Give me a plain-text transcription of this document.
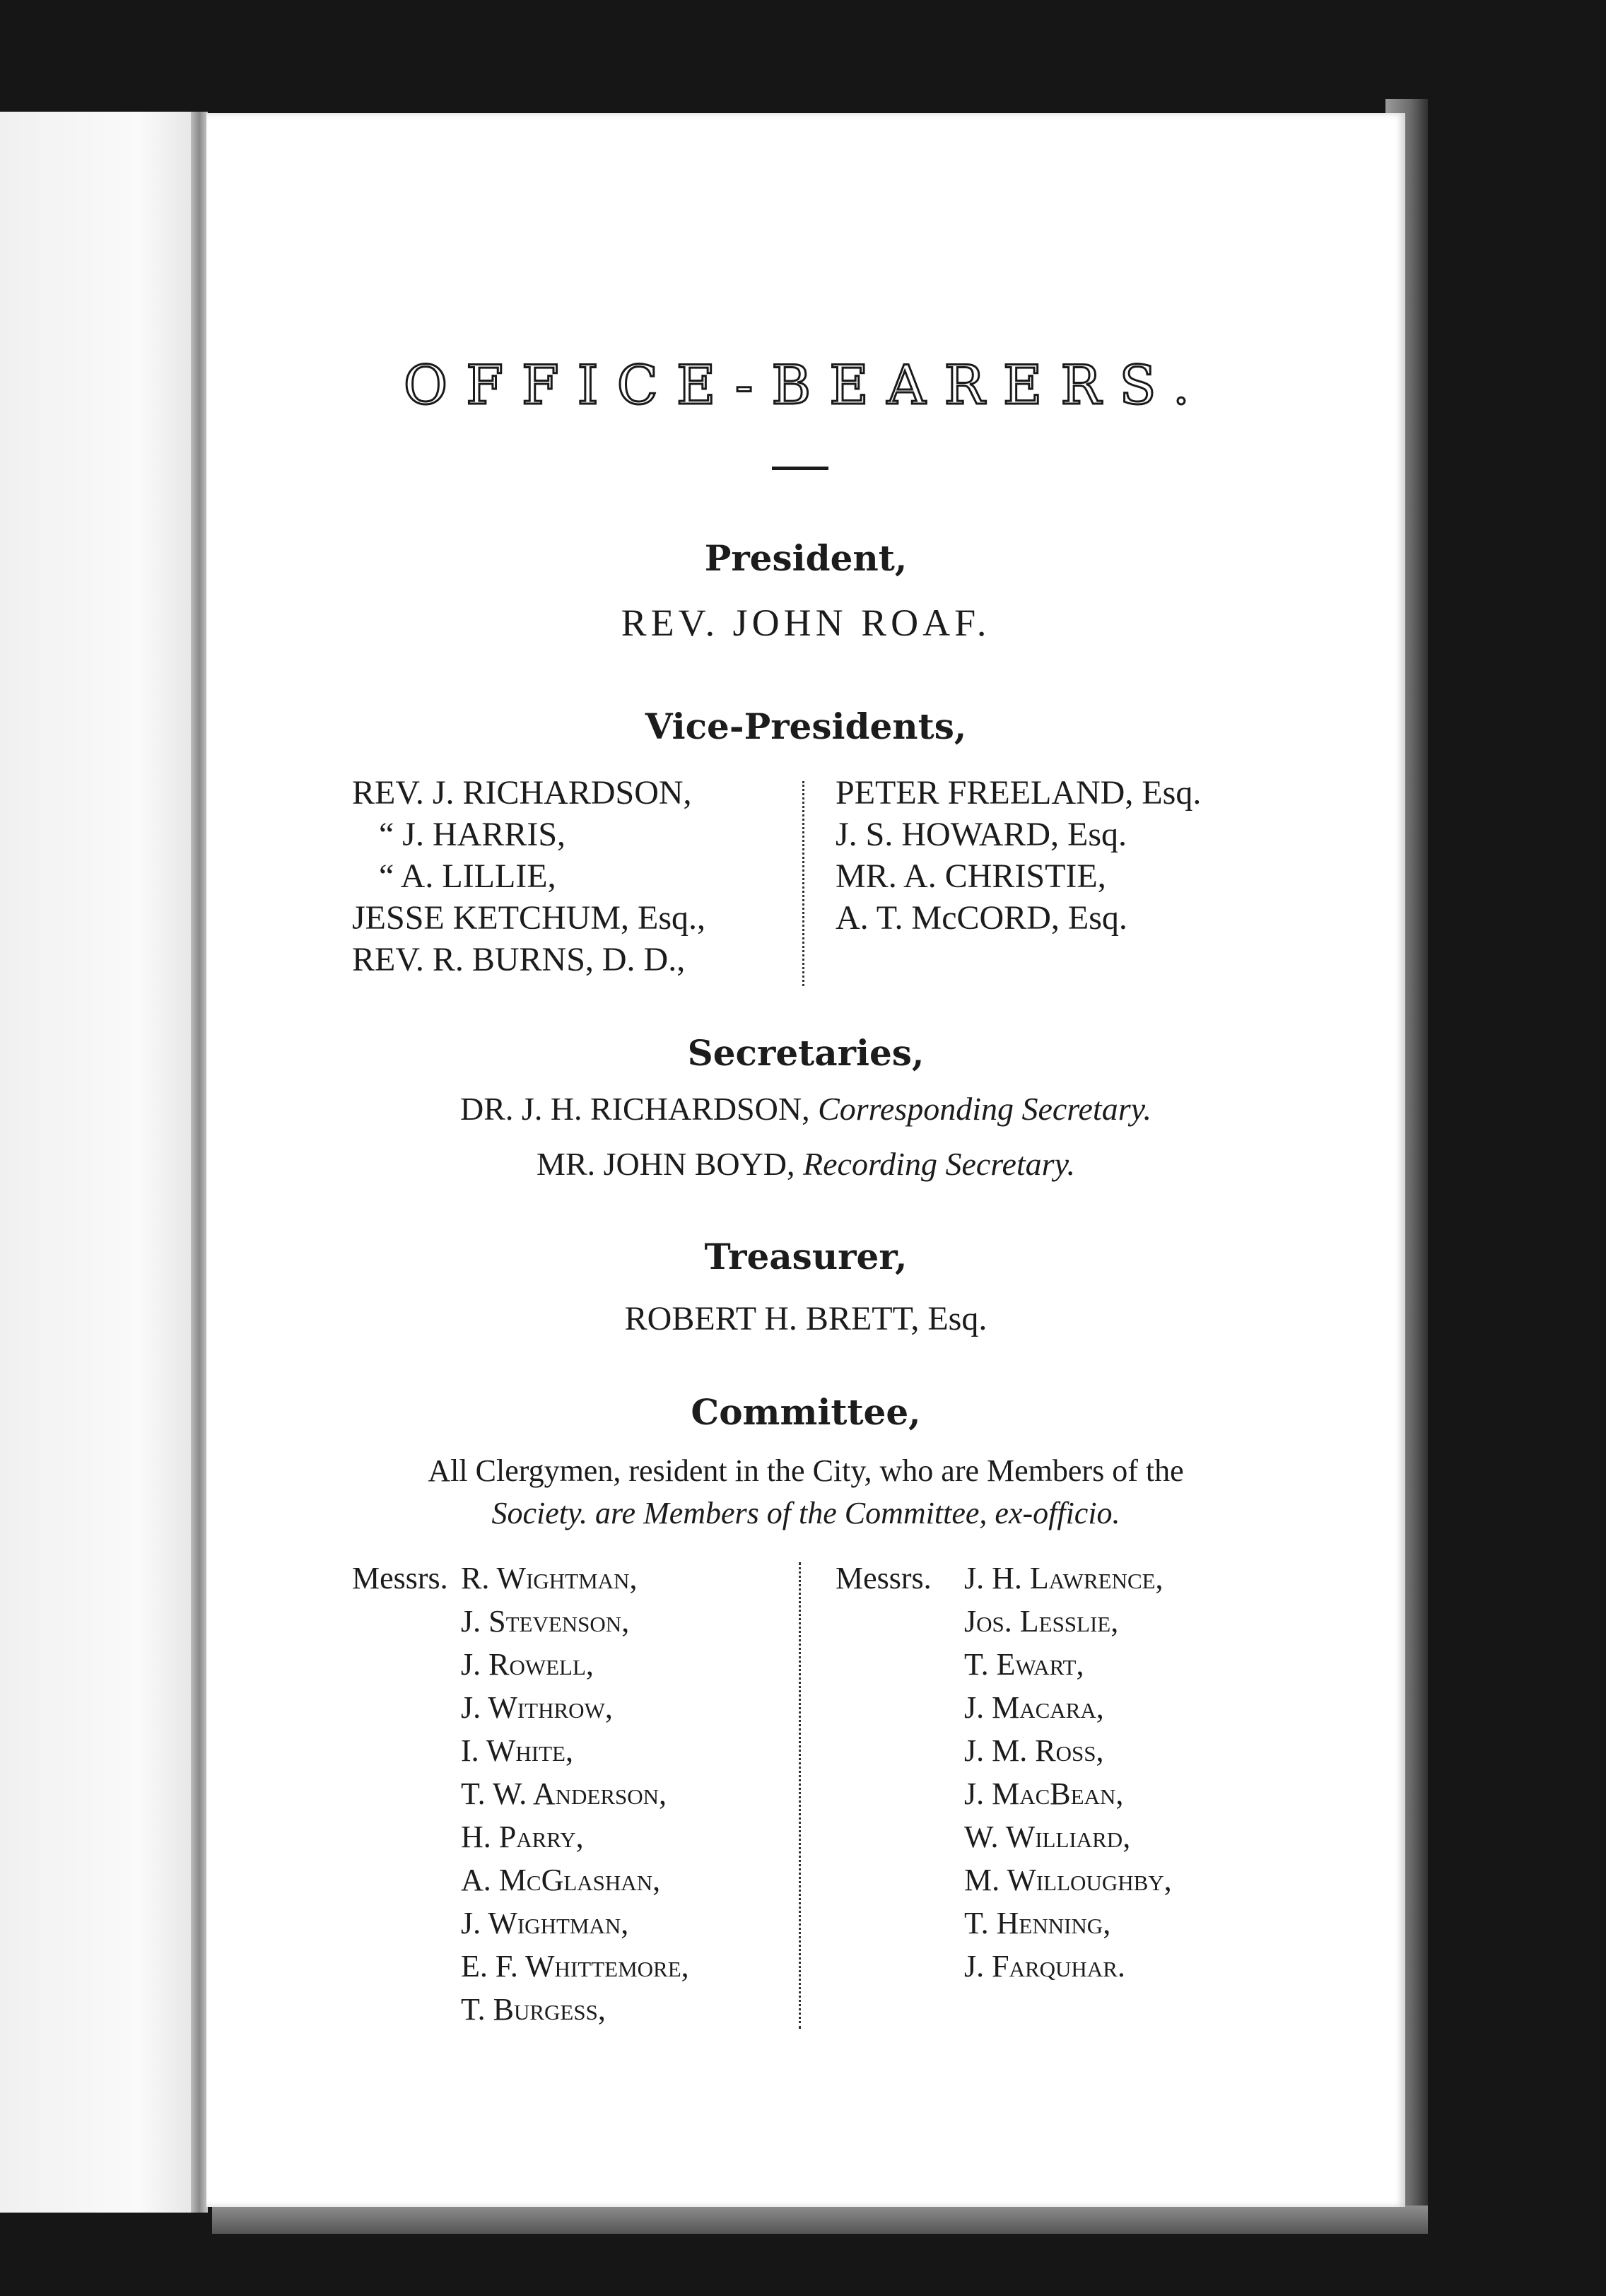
OFFICE-BEARERS.
President,
REV. JOHN ROAF.
Vice-Presidents,
REV. J. RICHARDSON,
“ J. HARRIS,
“ A. LILLIE,
JESSE KETCHUM, Esq.,
REV. R. BURNS, D. D.,
PETER FREELAND, Esq.
J. S. HOWARD, Esq.
MR. A. CHRISTIE,
A. T. McCORD, Esq.
Secretaries,
DR. J. H. RICHARDSON, Corresponding Secretary.
MR. JOHN BOYD, Recording Secretary.
Treasurer,
ROBERT H. BRETT, Esq.
Committee,
All Clergymen, resident in the City, who are Members of the
Society. are Members of the Committee, ex-officio.
Messrs. R. Wightman,
J. Stevenson,
J. Rowell,
J. Withrow,
I. White,
T. W. Anderson,
H. Parry,
A. McGlashan,
J. Wightman,
E. F. Whittemore,
T. Burgess,
Messrs. J. H. Lawrence,
Jos. Lesslie,
T. Ewart,
J. Macara,
J. M. Ross,
J. MacBean,
W. Williard,
M. Willoughby,
T. Henning,
J. Farquhar.
